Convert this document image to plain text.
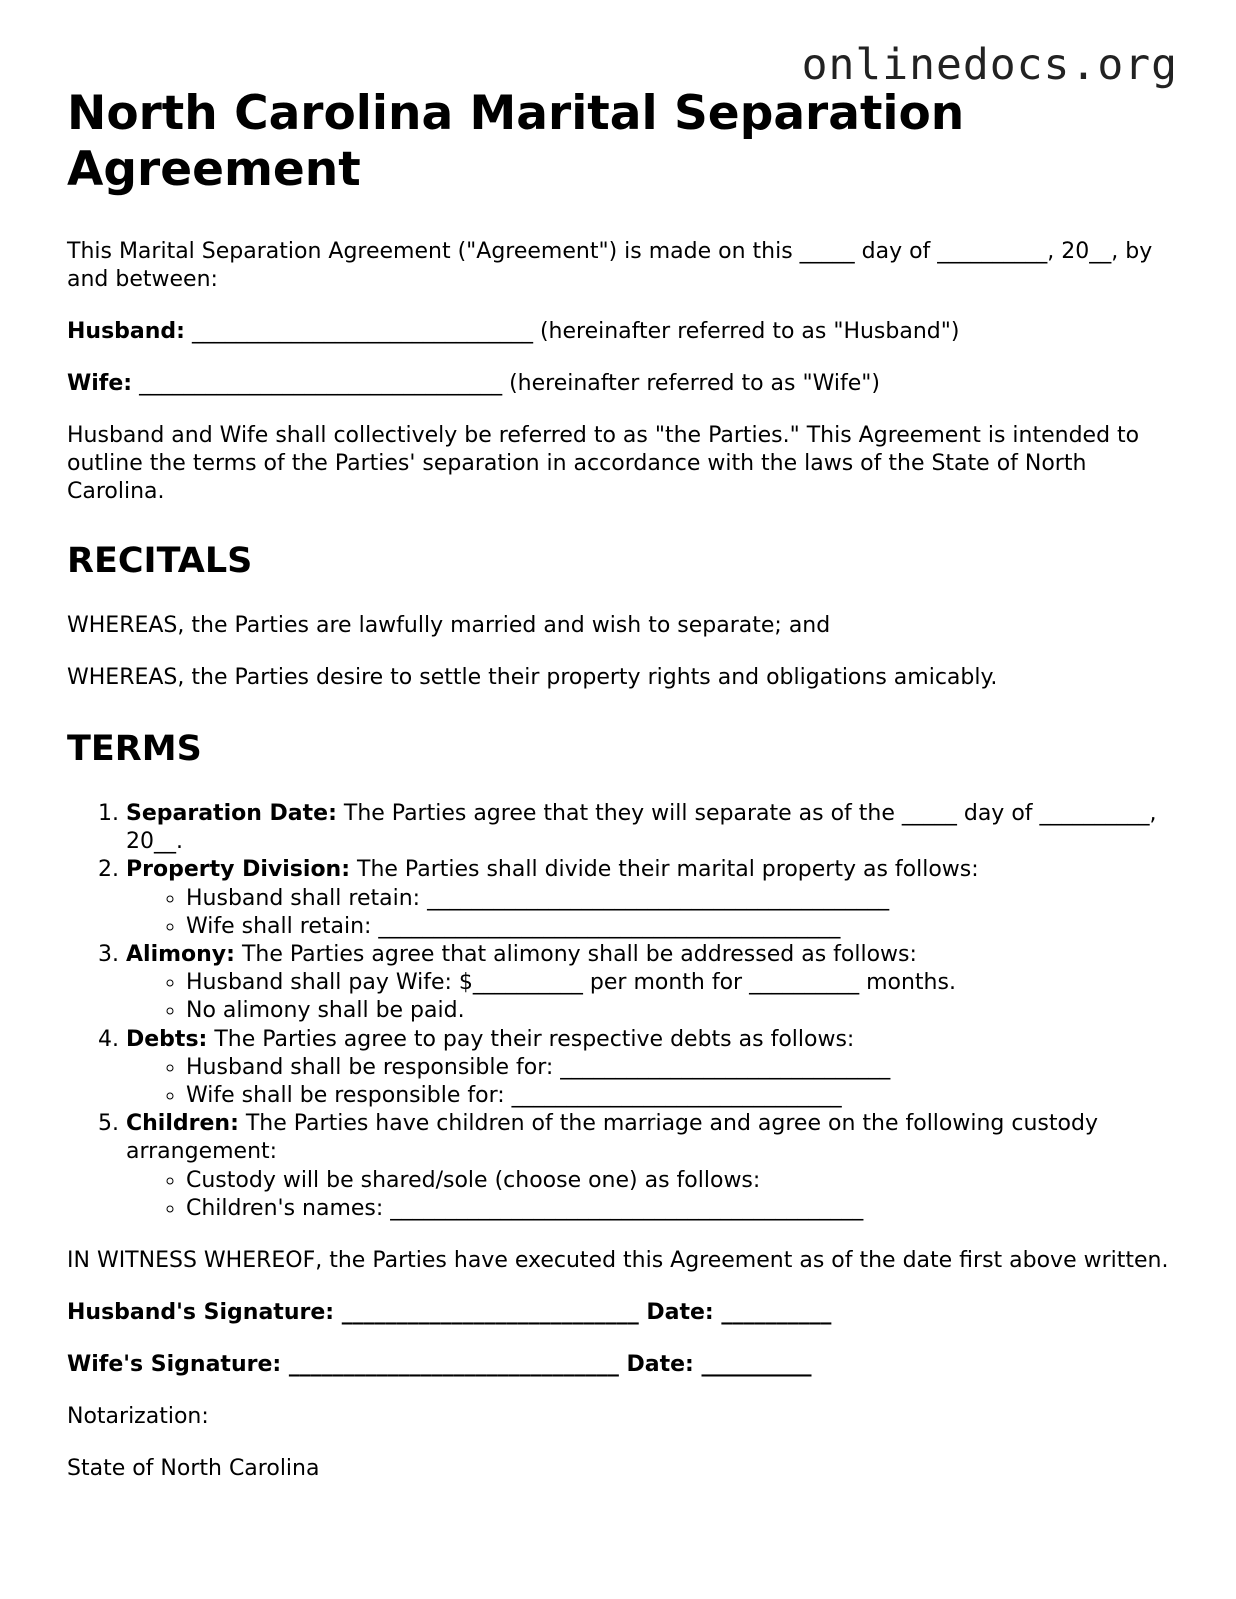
onlinedocs.org
North Carolina Marital Separation Agreement

This Marital Separation Agreement ("Agreement") is made on this _____ day of __________, 20__, by and between:

Husband: _______________________________ (hereinafter referred to as "Husband")

Wife: _________________________________ (hereinafter referred to as "Wife")

Husband and Wife shall collectively be referred to as "the Parties." This Agreement is intended to outline the terms of the Parties' separation in accordance with the laws of the State of North Carolina.

RECITALS

WHEREAS, the Parties are lawfully married and wish to separate; and

WHEREAS, the Parties desire to settle their property rights and obligations amicably.

TERMS
1. Separation Date: The Parties agree that they will separate as of the _____ day of __________, 20__.
2. Property Division: The Parties shall divide their marital property as follows:
◦ Husband shall retain: __________________________________________
◦ Wife shall retain: __________________________________________
3. Alimony: The Parties agree that alimony shall be addressed as follows:
◦ Husband shall pay Wife: $__________ per month for __________ months.
◦ No alimony shall be paid.
4. Debts: The Parties agree to pay their respective debts as follows:
◦ Husband shall be responsible for: ______________________________
◦ Wife shall be responsible for: ______________________________
5. Children: The Parties have children of the marriage and agree on the following custody arrangement:
◦ Custody will be shared/sole (choose one) as follows:
◦ Children's names: ___________________________________________

IN WITNESS WHEREOF, the Parties have executed this Agreement as of the date first above written.

Husband's Signature: ___________________________ Date: __________

Wife's Signature: ______________________________ Date: __________

Notarization:

State of North Carolina
